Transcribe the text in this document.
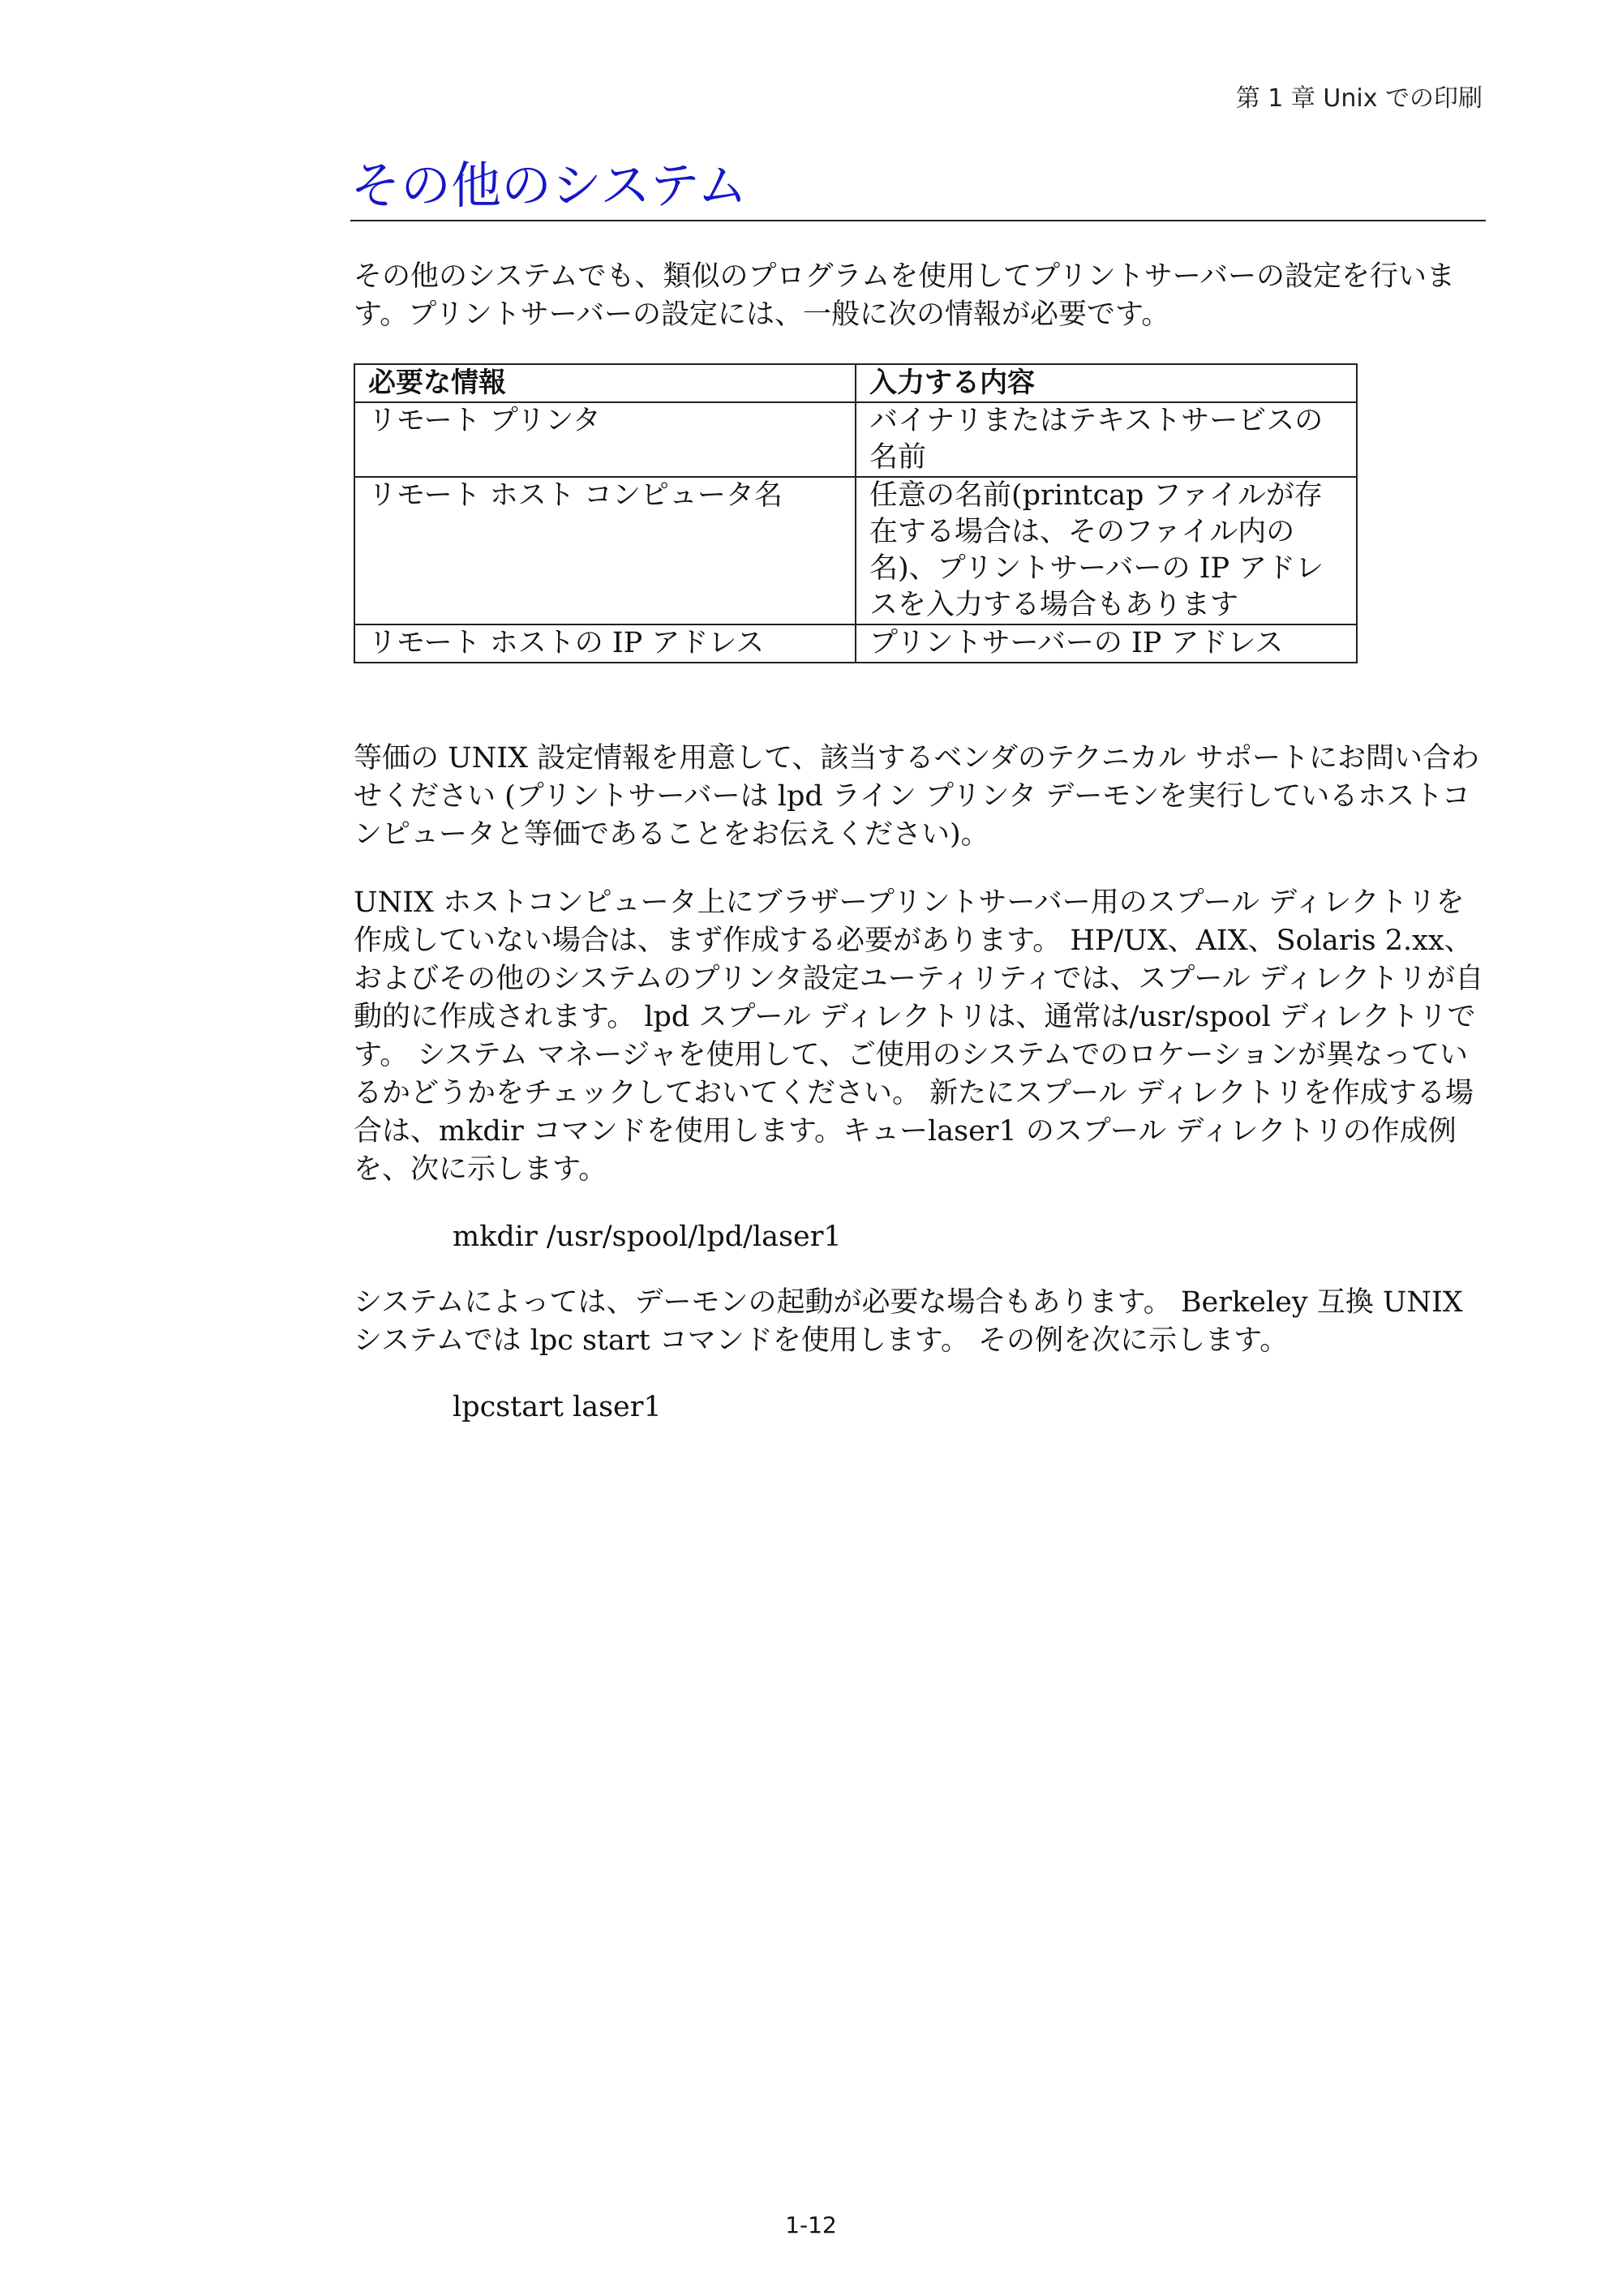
第 1 章 Unix での印刷
その他のシステム

その他のシステムでも、類似のプログラムを使用してプリントサーバーの設定を行います。プリントサーバーの設定には、一般に次の情報が必要です。

必要な情報	入力する内容
リモート プリンタ	バイナリまたはテキストサービスの名前
リモート ホスト コンピュータ名	任意の名前(printcap ファイルが存在する場合は、そのファイル内の名)、プリントサーバーの IP アドレスを入力する場合もあります
リモート ホストの IP アドレス	プリントサーバーの IP アドレス

等価の UNIX 設定情報を用意して、該当するベンダのテクニカル サポートにお問い合わせください (プリントサーバーは lpd ライン プリンタ デーモンを実行しているホストコンピュータと等価であることをお伝えください)。

UNIX ホストコンピュータ上にブラザープリントサーバー用のスプール ディレクトリを作成していない場合は、まず作成する必要があります。 HP/UX、AIX、Solaris 2.xx、およびその他のシステムのプリンタ設定ユーティリティでは、スプール ディレクトリが自動的に作成されます。 lpd スプール ディレクトリは、通常は/usr/spool ディレクトリです。 システム マネージャを使用して、ご使用のシステムでのロケーションが異なっているかどうかをチェックしておいてください。 新たにスプール ディレクトリを作成する場合は、mkdir コマンドを使用します。キューlaser1 のスプール ディレクトリの作成例を、次に示します。

mkdir /usr/spool/lpd/laser1

システムによっては、デーモンの起動が必要な場合もあります。 Berkeley 互換 UNIX システムでは lpc start コマンドを使用します。 その例を次に示します。

lpcstart laser1

1-12
